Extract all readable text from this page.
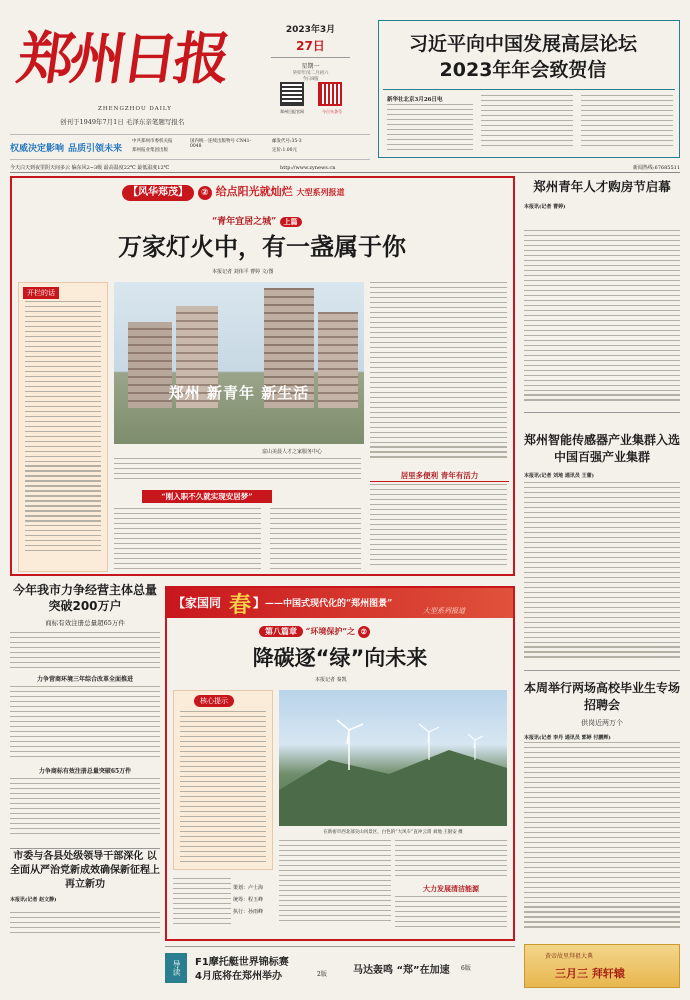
郑州日报
ZHENGZHOU DAILY
创刊于1949年7月1日 毛泽东亲笔题写报名
2023年3月
27日
星期一
癸卯年闰二月初六
今日8版
郑州日报官网	今日头条号
权威决定影响 品质引领未来
中共郑州市委机关报
郑州报业集团出版
国内统一连续出版物号 CN41-0048
邮发代号:35-3
定价:1.00元
今天白天到夜里阴天间多云 偏东风2~3级 最高温度22℃ 最低温度12℃	http://www.zynews.cn	新闻热线:67685511
习近平向中国发展高层论坛2023年年会致贺信
新华社北京3月26日电
【风华郑茂】 ② 给点阳光就灿烂 大型系列报道
“青年宜居之城” 上篇
万家灯火中，有一盏属于你
本报记者 刘伟平 曹婷 文/图
开栏的话
郑州 新青年 新生活
富山美晨人才之家服务中心
居里多便利 青年有活力
“刚入职不久就实现安居梦”
郑州青年人才购房节启幕
本报讯(记者 曹婷)
郑州智能传感器产业集群入选中国百强产业集群
本报讯(记者 刘地 通讯员 王蕾)
本周举行两场高校毕业生专场招聘会
供岗近两万个
本报讯(记者 李丹 通讯员 郭婷 付鹏辉)
今年我市力争经营主体总量突破200万户
商标有效注册总量超65万件
力争营商环境三年综合改革全面推进
力争商标有效注册总量突破65万件
市委与各县处级领导干部深化 以全面从严治党新成效确保新征程上再立新功
本报讯(记者 赵文静)
【家国同 春 】 ——中国式现代化的“郑州图景”
大型系列报道
第八篇章 “环境保护”之 ②
降碳逐“绿”向未来
本报记者 秦凯
核心提示
在新密市西北部尖山风景区，白色的“大风车”直冲云霄 刘地 王银安 摄
大力发展清洁能源
策划：卢士海
统筹：程玉峰
执行：孙雨峰
导读	F1摩托艇世界锦标赛
4月底将在郑州举办	2版	马达轰鸣 “郑”在加速 6版
黄帝故里拜祖大典
三月三 拜轩辕
